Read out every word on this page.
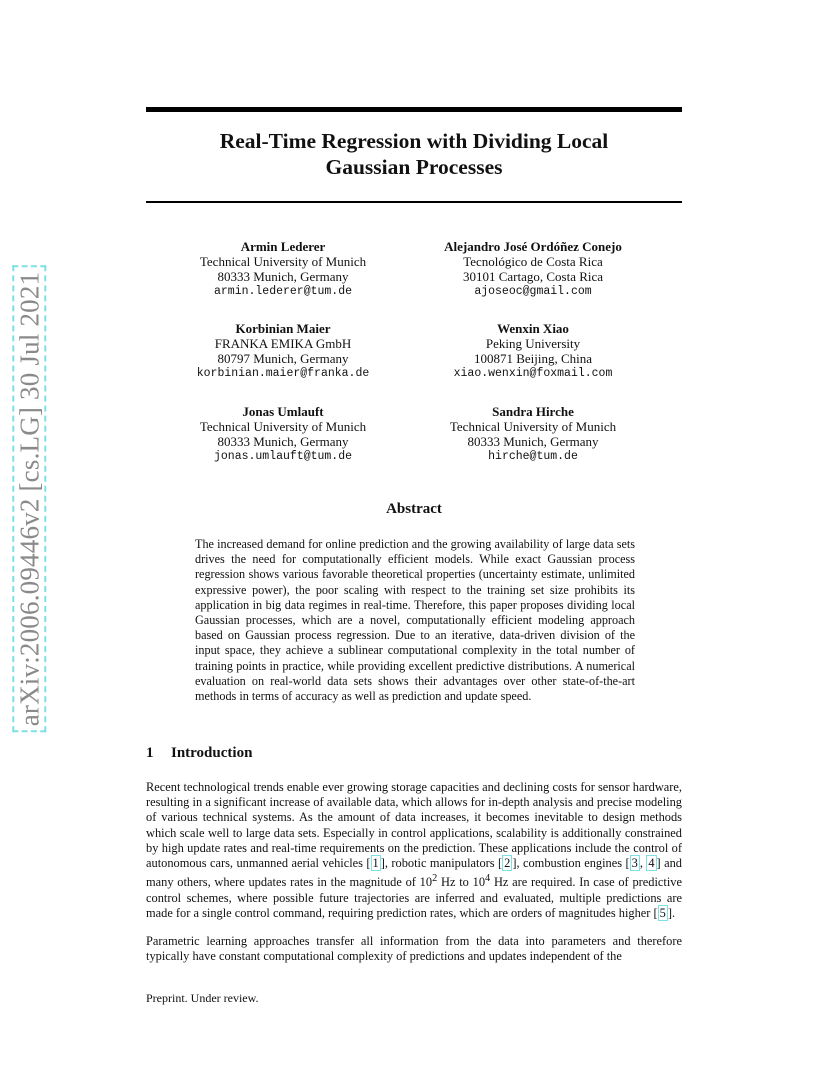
arXiv:2006.09446v2 [cs.LG] 30 Jul 2021
Real-Time Regression with Dividing Local
Gaussian Processes
Armin Lederer
Technical University of Munich
80333 Munich, Germany
armin.lederer@tum.de
Alejandro José Ordóñez Conejo
Tecnológico de Costa Rica
30101 Cartago, Costa Rica
ajoseoc@gmail.com
Korbinian Maier
FRANKA EMIKA GmbH
80797 Munich, Germany
korbinian.maier@franka.de
Wenxin Xiao
Peking University
100871 Beijing, China
xiao.wenxin@foxmail.com
Jonas Umlauft
Technical University of Munich
80333 Munich, Germany
jonas.umlauft@tum.de
Sandra Hirche
Technical University of Munich
80333 Munich, Germany
hirche@tum.de
Abstract

The increased demand for online prediction and the growing availability of large data sets drives the need for computationally efficient models. While exact Gaussian process regression shows various favorable theoretical properties (uncertainty estimate, unlimited expressive power), the poor scaling with respect to the training set size prohibits its application in big data regimes in real-time. Therefore, this paper proposes dividing local Gaussian processes, which are a novel, computationally efficient modeling approach based on Gaussian process regression. Due to an iterative, data-driven division of the input space, they achieve a sublinear computational complexity in the total number of training points in practice, while providing excellent predictive distributions. A numerical evaluation on real-world data sets shows their advantages over other state-of-the-art methods in terms of accuracy as well as prediction and update speed.

1 Introduction

Recent technological trends enable ever growing storage capacities and declining costs for sensor hardware, resulting in a significant increase of available data, which allows for in-depth analysis and precise modeling of various technical systems. As the amount of data increases, it becomes inevitable to design methods which scale well to large data sets. Especially in control applications, scalability is additionally constrained by high update rates and real-time requirements on the prediction. These applications include the control of autonomous cars, unmanned aerial vehicles [ 1 ], robotic manipulators [ 2 ], combustion engines [ 3 , 4 ] and many others, where updates rates in the magnitude of $10^2$ Hz to $10^4$ Hz are required. In case of predictive control schemes, where possible future trajectories are inferred and evaluated, multiple predictions are made for a single control command, requiring prediction rates, which are orders of magnitudes higher [ 5 ].

Parametric learning approaches transfer all information from the data into parameters and therefore typically have constant computational complexity of predictions and updates independent of the

Preprint. Under review.
